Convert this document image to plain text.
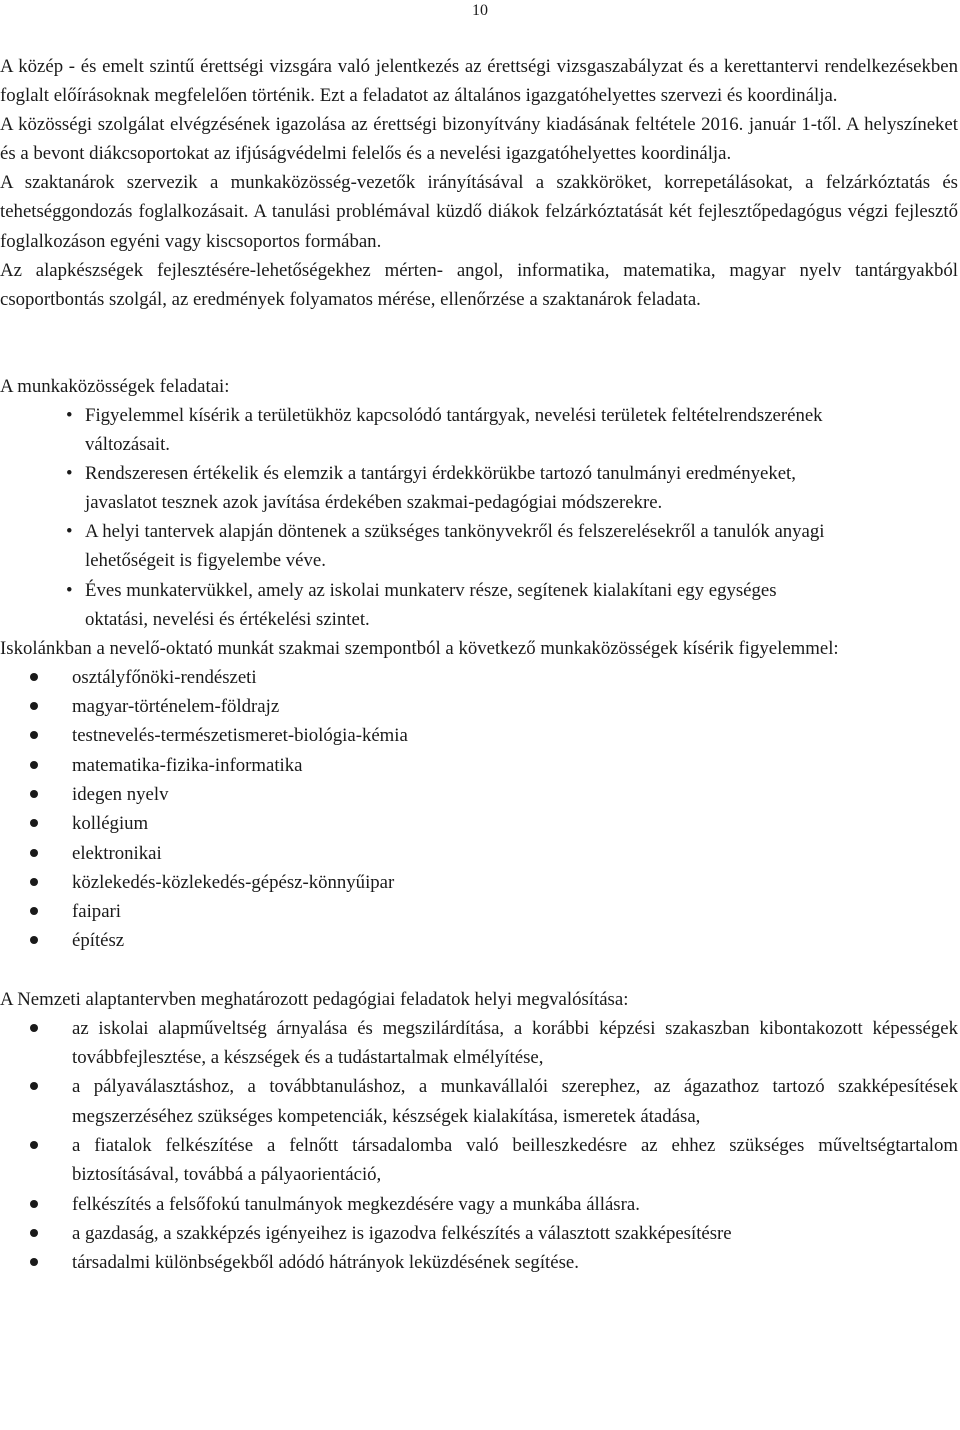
10

A közép - és emelt szintű érettségi vizsgára való jelentkezés az érettségi vizsgaszabályzat és a kerettantervi rendelkezésekben foglalt előírásoknak megfelelően történik. Ezt a feladatot az általános igazgatóhelyettes szervezi és koordinálja.

A közösségi szolgálat elvégzésének igazolása az érettségi bizonyítvány kiadásának feltétele 2016. január 1-től. A helyszíneket és a bevont diákcsoportokat az ifjúságvédelmi felelős és a nevelési igazgatóhelyettes koordinálja.

A szaktanárok szervezik a munkaközösség-vezetők irányításával a szakköröket, korrepetálásokat, a felzárkóztatás és tehetséggondozás foglalkozásait. A tanulási problémával küzdő diákok felzárkóztatását két fejlesztőpedagógus végzi fejlesztő foglalkozáson egyéni vagy kiscsoportos formában.

Az alapkészségek fejlesztésére-lehetőségekhez mérten- angol, informatika, matematika, magyar nyelv tantárgyakból csoportbontás szolgál, az eredmények folyamatos mérése, ellenőrzése a szaktanárok feladata.

A munkaközösségek feladatai:

• Figyelemmel kísérik a területükhöz kapcsolódó tantárgyak, nevelési területek feltételrendszerének változásait.
• Rendszeresen értékelik és elemzik a tantárgyi érdekkörükbe tartozó tanulmányi eredményeket, javaslatot tesznek azok javítása érdekében szakmai-pedagógiai módszerekre.
• A helyi tantervek alapján döntenek a szükséges tankönyvekről és felszerelésekről a tanulók anyagi lehetőségeit is figyelembe véve.
• Éves munkatervükkel, amely az iskolai munkaterv része, segítenek kialakítani egy egységes oktatási, nevelési és értékelési szintet.

Iskolánkban a nevelő-oktató munkát szakmai szempontból a következő munkaközösségek kísérik figyelemmel:

osztályfőnöki-rendészeti
magyar-történelem-földrajz
testnevelés-természetismeret-biológia-kémia
matematika-fizika-informatika
idegen nyelv
kollégium
elektronikai
közlekedés-közlekedés-gépész-könnyűipar
faipari
építész

A Nemzeti alaptantervben meghatározott pedagógiai feladatok helyi megvalósítása:

az iskolai alapműveltség árnyalása és megszilárdítása, a korábbi képzési szakaszban kibontakozott képességek továbbfejlesztése, a készségek és a tudástartalmak elmélyítése,
a pályaválasztáshoz, a továbbtanuláshoz, a munkavállalói szerephez, az ágazathoz tartozó szakképesítések megszerzéséhez szükséges kompetenciák, készségek kialakítása, ismeretek átadása,
a fiatalok felkészítése a felnőtt társadalomba való beilleszkedésre az ehhez szükséges műveltségtartalom biztosításával, továbbá a pályaorientáció,
felkészítés a felsőfokú tanulmányok megkezdésére vagy a munkába állásra.
a gazdaság, a szakképzés igényeihez is igazodva felkészítés a választott szakképesítésre
társadalmi különbségekből adódó hátrányok leküzdésének segítése.
